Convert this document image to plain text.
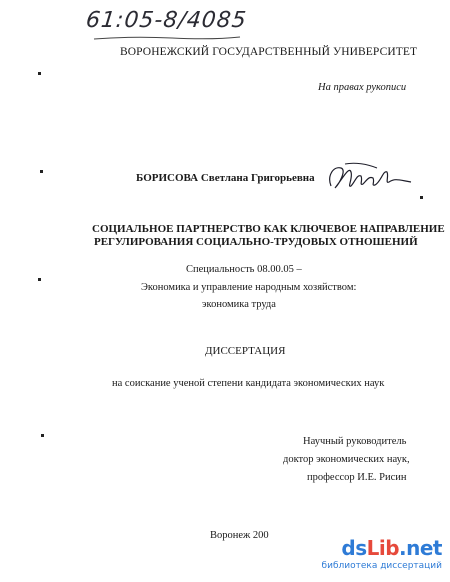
61:05-8/4085
ВОРОНЕЖСКИЙ ГОСУДАРСТВЕННЫЙ УНИВЕРСИТЕТ
На правах рукописи
БОРИСОВА Светлана Григорьевна
СОЦИАЛЬНОЕ ПАРТНЕРСТВО КАК КЛЮЧЕВОЕ НАПРАВЛЕНИЕ
РЕГУЛИРОВАНИЯ СОЦИАЛЬНО-ТРУДОВЫХ ОТНОШЕНИЙ
Специальность 08.00.05 –
Экономика и управление народным хозяйством:
экономика труда
ДИССЕРТАЦИЯ
на соискание ученой степени кандидата экономических наук
Научный руководитель
доктор экономических наук,
профессор И.Е. Рисин
Воронеж 200
dsLib.net
библиотека диссертаций
